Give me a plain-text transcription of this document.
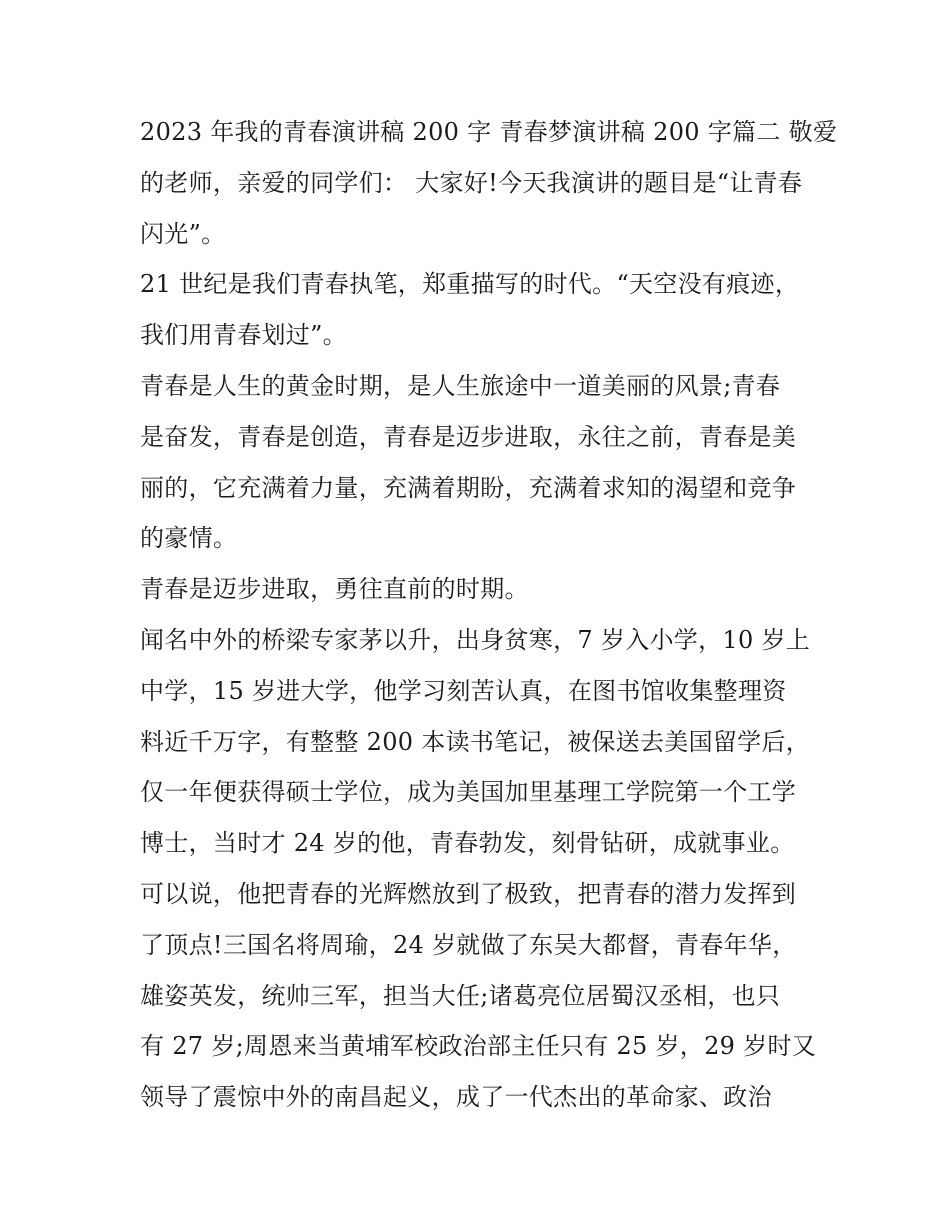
2023 年我的青春演讲稿 200 字 青春梦演讲稿 200 字篇二 敬爱
的老师，亲爱的同学们： 大家好!今天我演讲的题目是“让青春
闪光”。

21 世纪是我们青春执笔，郑重描写的时代。“天空没有痕迹，
我们用青春划过”。

青春是人生的黄金时期，是人生旅途中一道美丽的风景;青春
是奋发，青春是创造，青春是迈步进取，永往之前，青春是美
丽的，它充满着力量，充满着期盼，充满着求知的渴望和竞争
的豪情。

青春是迈步进取，勇往直前的时期。

闻名中外的桥梁专家茅以升，出身贫寒，7 岁入小学，10 岁上
中学，15 岁进大学，他学习刻苦认真，在图书馆收集整理资
料近千万字，有整整 200 本读书笔记，被保送去美国留学后，
仅一年便获得硕士学位，成为美国加里基理工学院第一个工学
博士，当时才 24 岁的他，青春勃发，刻骨钻研，成就事业。
可以说，他把青春的光辉燃放到了极致，把青春的潜力发挥到
了顶点!三国名将周瑜，24 岁就做了东吴大都督，青春年华，
雄姿英发，统帅三军，担当大任;诸葛亮位居蜀汉丞相，也只
有 27 岁;周恩来当黄埔军校政治部主任只有 25 岁，29 岁时又
领导了震惊中外的南昌起义，成了一代杰出的革命家、政治
